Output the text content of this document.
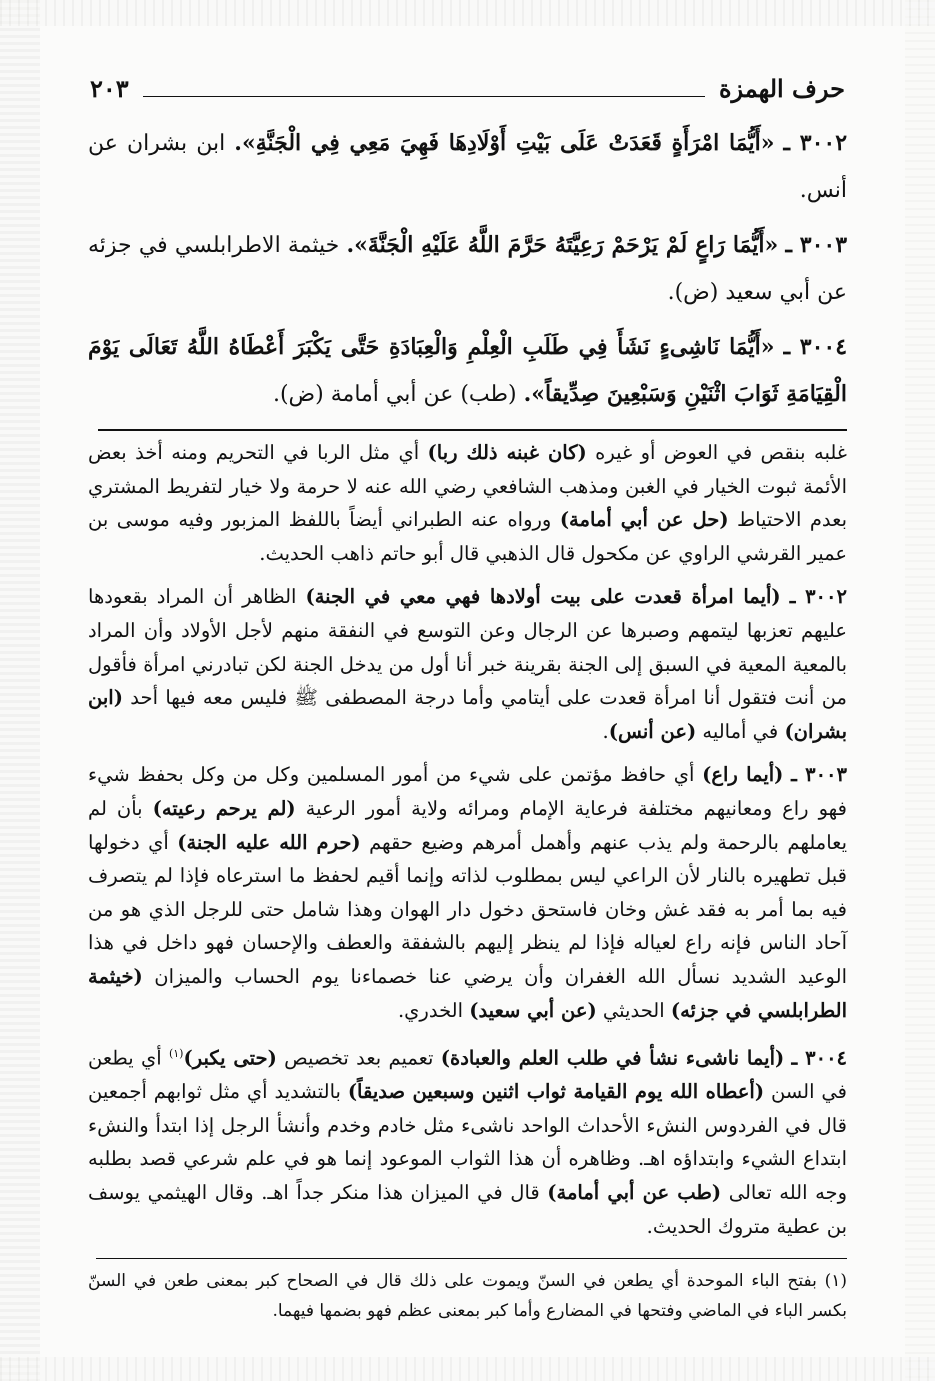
حرف الهمزة
٢٠٣

٣٠٠٢ ـ «أَيُّمَا امْرَأَةٍ قَعَدَتْ عَلَى بَيْتِ أَوْلَادِهَا فَهِيَ مَعِي فِي الْجَنَّةِ». ابن بشران عن أنس.

٣٠٠٣ ـ «أَيُّمَا رَاعٍ لَمْ يَرْحَمْ رَعِيَّتَهُ حَرَّمَ اللَّهُ عَلَيْهِ الْجَنَّةَ». خيثمة الاطرابلسي في جزئه عن أبي سعيد (ض).

٣٠٠٤ ـ «أَيُّمَا نَاشِىءٍ نَشَأَ فِي طَلَبِ الْعِلْمِ وَالْعِبَادَةِ حَتَّى يَكْبَرَ أَعْطَاهُ اللَّهُ تَعَالَى يَوْمَ الْقِيَامَةِ ثَوَابَ اثْنَيْنِ وَسَبْعِينَ صِدِّيقاً». (طب) عن أبي أمامة (ض).

غلبه بنقص في العوض أو غيره (كان غبنه ذلك ربا) أي مثل الربا في التحريم ومنه أخذ بعض الأئمة ثبوت الخيار في الغبن ومذهب الشافعي رضي الله عنه لا حرمة ولا خيار لتفريط المشتري بعدم الاحتياط (حل عن أبي أمامة) ورواه عنه الطبراني أيضاً باللفظ المزبور وفيه موسى بن عمير القرشي الراوي عن مكحول قال الذهبي قال أبو حاتم ذاهب الحديث.

٣٠٠٢ ـ (أيما امرأة قعدت على بيت أولادها فهي معي في الجنة) الظاهر أن المراد بقعودها عليهم تعزبها ليتمهم وصبرها عن الرجال وعن التوسع في النفقة منهم لأجل الأولاد وأن المراد بالمعية المعية في السبق إلى الجنة بقرينة خبر أنا أول من يدخل الجنة لكن تبادرني امرأة فأقول من أنت فتقول أنا امرأة قعدت على أيتامي وأما درجة المصطفى ﷺ فليس معه فيها أحد (ابن بشران) في أماليه (عن أنس).

٣٠٠٣ ـ (أيما راع) أي حافظ مؤتمن على شيء من أمور المسلمين وكل من وكل بحفظ شيء فهو راع ومعانيهم مختلفة فرعاية الإمام ومرائه ولاية أمور الرعية (لم يرحم رعيته) بأن لم يعاملهم بالرحمة ولم يذب عنهم وأهمل أمرهم وضيع حقهم (حرم الله عليه الجنة) أي دخولها قبل تطهيره بالنار لأن الراعي ليس بمطلوب لذاته وإنما أقيم لحفظ ما استرعاه فإذا لم يتصرف فيه بما أمر به فقد غش وخان فاستحق دخول دار الهوان وهذا شامل حتى للرجل الذي هو من آحاد الناس فإنه راع لعياله فإذا لم ينظر إليهم بالشفقة والعطف والإحسان فهو داخل في هذا الوعيد الشديد نسأل الله الغفران وأن يرضي عنا خصماءنا يوم الحساب والميزان (خيثمة الطرابلسي في جزئه) الحديثي (عن أبي سعيد) الخدري.

٣٠٠٤ ـ (أيما ناشىء نشأ في طلب العلم والعبادة) تعميم بعد تخصيص (حتى يكبر)$^{(١)}$ أي يطعن في السن (أعطاه الله يوم القيامة ثواب اثنين وسبعين صديقاً) بالتشديد أي مثل ثوابهم أجمعين قال في الفردوس النشء الأحداث الواحد ناشىء مثل خادم وخدم وأنشأ الرجل إذا ابتدأ والنشء ابتداع الشيء وابتداؤه اهـ. وظاهره أن هذا الثواب الموعود إنما هو في علم شرعي قصد بطلبه وجه الله تعالى (طب عن أبي أمامة) قال في الميزان هذا منكر جداً اهـ. وقال الهيثمي يوسف بن عطية متروك الحديث.

(١) بفتح الباء الموحدة أي يطعن في السنّ ويموت على ذلك قال في الصحاح كبر بمعنى طعن في السنّ بكسر الباء في الماضي وفتحها في المضارع وأما كبر بمعنى عظم فهو بضمها فيهما.
